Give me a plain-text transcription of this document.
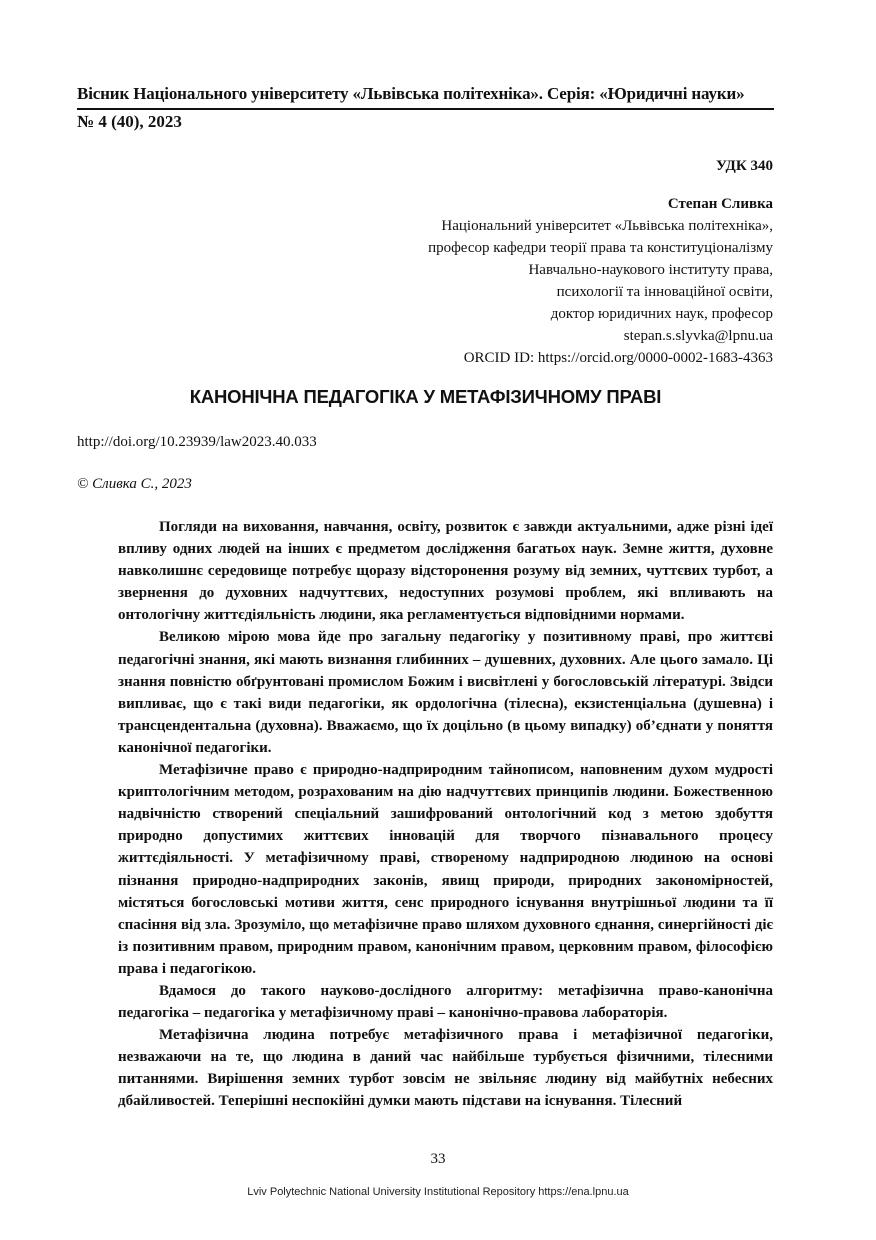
Вісник Національного університету «Львівська політехніка». Серія: «Юридичні науки»
№ 4 (40), 2023
УДК 340
Степан Сливка
Національний університет «Львівська політехніка»,
професор кафедри теорії права та конституціоналізму
Навчально-наукового інституту права,
психології та інноваційної освіти,
доктор юридичних наук, професор
stepan.s.slyvka@lpnu.ua
ORCID ID: https://orcid.org/0000-0002-1683-4363
КАНОНІЧНА ПЕДАГОГІКА У МЕТАФІЗИЧНОМУ ПРАВІ
http://doi.org/10.23939/law2023.40.033
© Сливка С., 2023

Погляди на виховання, навчання, освіту, розвиток є завжди актуальними, адже різні ідеї впливу одних людей на інших є предметом дослідження багатьох наук. Земне життя, духовне навколишнє середовище потребує щоразу відсторонення розуму від земних, чуттєвих турбот, а звернення до духовних надчуттєвих, недоступних розумові проблем, які впливають на онтологічну життєдіяльність людини, яка регламентується відповідними нормами.

Великою мірою мова йде про загальну педагогіку у позитивному праві, про життєві педагогічні знання, які мають визнання глибинних – душевних, духовних. Але цього замало. Ці знання повністю обґрунтовані промислом Божим і висвітлені у богословській літературі. Звідси випливає, що є такі види педагогіки, як ордологічна (тілесна), екзистенціальна (душевна) і трансцендентальна (духовна). Вважаємо, що їх доцільно (в цьому випадку) об’єднати у поняття канонічної педагогіки.

Метафізичне право є природно-надприродним тайнописом, наповненим духом мудрості криптологічним методом, розрахованим на дію надчуттєвих принципів людини. Божественною надвічністю створений спеціальний зашифрований онтологічний код з метою здобуття природно допустимих життєвих інновацій для творчого пізнавального процесу життєдіяльності. У метафізичному праві, створеному надприродною людиною на основі пізнання природно-надприродних законів, явищ природи, природних закономірностей, містяться богословські мотиви життя, сенс природного існування внутрішньої людини та її спасіння від зла. Зрозуміло, що метафізичне право шляхом духовного єднання, синергійності діє із позитивним правом, природним правом, канонічним правом, церковним правом, філософією права і педагогікою.

Вдамося до такого науково-дослідного алгоритму: метафізична право-канонічна педагогіка – педагогіка у метафізичному праві – канонічно-правова лабораторія.

Метафізична людина потребує метафізичного права і метафізичної педагогіки, незважаючи на те, що людина в даний час найбільше турбується фізичними, тілесними питаннями. Вирішення земних турбот зовсім не звільняє людину від майбутніх небесних дбайливостей. Теперішні неспокійні думки мають підстави на існування. Тілесний

33
Lviv Polytechnic National University Institutional Repository https://ena.lpnu.ua
